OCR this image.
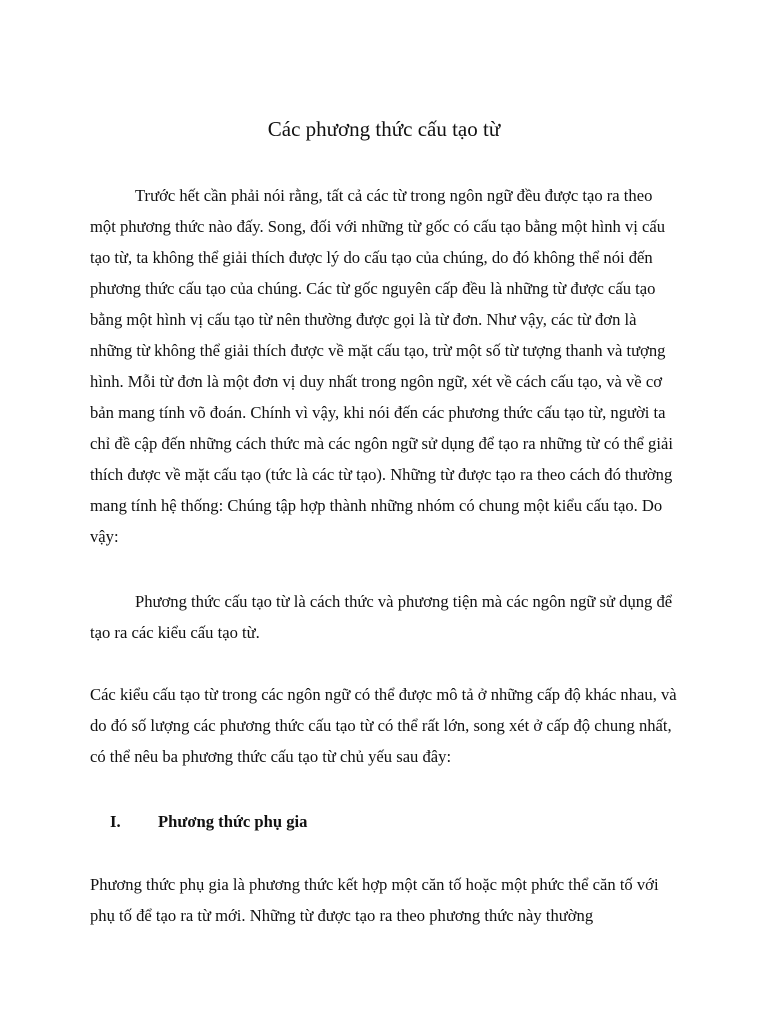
Các phương thức cấu tạo từ

Trước hết cần phải nói rằng, tất cả các từ trong ngôn ngữ đều được tạo ra theo một phương thức nào đấy. Song, đối với những từ gốc có cấu tạo bằng một hình vị cấu tạo từ, ta không thể giải thích được lý do cấu tạo của chúng, do đó không thể nói đến phương thức cấu tạo của chúng. Các từ gốc nguyên cấp đều là những từ được cấu tạo bằng một hình vị cấu tạo từ nên thường được gọi là từ đơn. Như vậy, các từ đơn là những từ không thể giải thích được về mặt cấu tạo, trừ một số từ tượng thanh và tượng hình. Mỗi từ đơn là một đơn vị duy nhất trong ngôn ngữ, xét về cách cấu tạo, và về cơ bản mang tính võ đoán. Chính vì vậy, khi nói đến các phương thức cấu tạo từ, người ta chỉ đề cập đến những cách thức mà các ngôn ngữ sử dụng để tạo ra những từ có thể giải thích được về mặt cấu tạo (tức là các từ tạo). Những từ được tạo ra theo cách đó thường mang tính hệ thống: Chúng tập hợp thành những nhóm có chung một kiểu cấu tạo. Do vậy:

Phương thức cấu tạo từ là cách thức và phương tiện mà các ngôn ngữ sử dụng để tạo ra các kiểu cấu tạo từ.

Các kiểu cấu tạo từ trong các ngôn ngữ có thể được mô tả ở những cấp độ khác nhau, và do đó số lượng các phương thức cấu tạo từ có thể rất lớn, song xét ở cấp độ chung nhất, có thể nêu ba phương thức cấu tạo từ chủ yếu sau đây:

I. Phương thức phụ gia

Phương thức phụ gia là phương thức kết hợp một căn tố hoặc một phức thể căn tố với phụ tố để tạo ra từ mới. Những từ được tạo ra theo phương thức này thường
